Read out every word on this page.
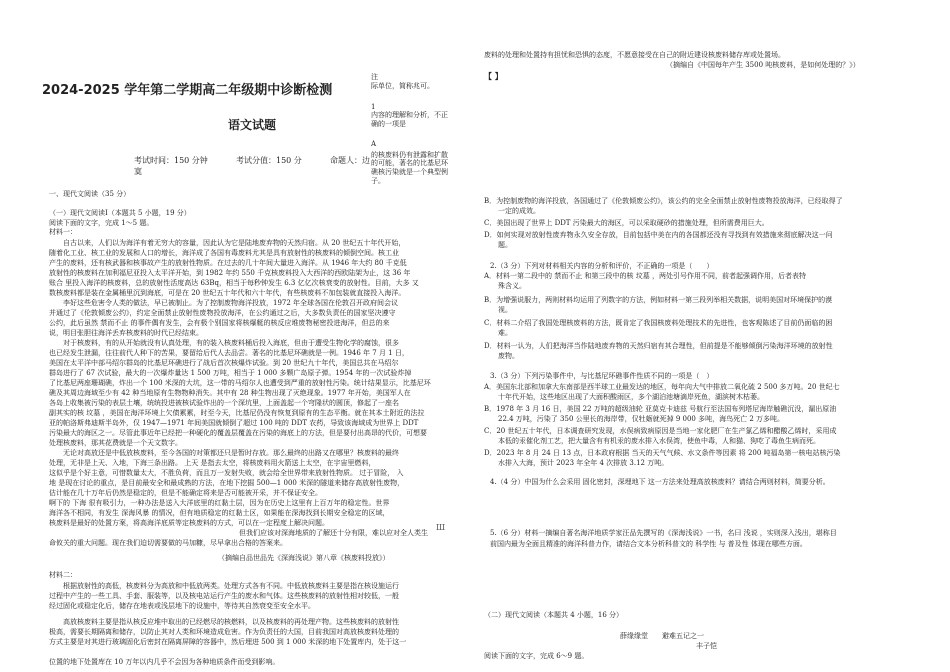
2024-2025 学年第二学期高二年级期中诊断检测
语文试题
考试时间：150 分钟	考试分值：150 分	命题人：边
寞
注
际单位，简称兆可。
1
内容的理解和分析，不正
确的一项是
A
的核废料仍有泄露和扩散
的可能，著名的比基尼环
礁核污染就是一个典型例
子。
一、现代文阅读（35 分）
（一）现代文阅读Ⅰ（本题共 5 小题，19 分）
阅读下面的文字，完成 1～5 题。
材料一：
自古以来，人们以为海洋有着无穷大的容量，因此认为它是陆地废弃物的天然归宿。从 20 世纪五十年代开始，
随着化工业、核工业的发展和人口的增长，海洋成了各国有毒废料尤其是具有放射性的核废料的倾倒空间。核工业
产生的废料，还有核武器和核事故产生的放射性物质。在过去的几十年间大量进入海洋。从 1946 年大约 80 千克低
放射性的核废料在加利福尼亚投入太平洋开始，到 1982 年约 550 千克核废料投入大西洋的西欧陆架为止，这 36 年
账合 里投入海洋的核废料，总的放射性活度高达 63Bq，相当于每秒钟发生 6.3 亿亿次核衰变的放射性。目前，大多 又
数核废料都是装在金属桶里沉到海底，可是在 20 世纪五十年代和六十年代，有些核废料不加包装就直接投入海洋。
李好这些危害令人类的做法，早已被制止。为了控制废物海洋投放，1972 年全球各国在伦敦召开政府间会议
并通过了《伦敦倾废公约》，约定全面禁止放射性废物投放海洋，在公约通过之后，大多数负责任的国家坚决遵守
公约，此后虽然 禁而不止 的事件偶有发生，会有极个别国家将核爆艇的核反应堆废物秘密投进海洋，但总的来
说，明目张胆往海洋丢弃核废料的时代已经结束。
对于核废料，有的从开始就没有认真处理，有的装入核废料桶后投入海底，但由于遭受生物化学的腐蚀，很多
也已经发生泄漏，往往前代人种下的苦果，要留给后代人去品尝。著名的比基尼环礁就是一例。1946 年 7 月 1 日，
美国在太平洋中部马绍尔群岛的比基尼环礁进行了战后首次核爆炸试验。到 20 世纪九十年代，美国总共在马绍尔
群岛进行了 67 次试验，最大的一次爆炸量达 1 500 万吨，相当于 1 000 多颗广岛原子弹。1954 年的一次试验炸掉
了比基尼两座珊瑚礁，炸出一个 100 米深的大坑，这一带的马绍尔人也遭受到严重的放射性污染。统计结果显示，比基尼环
礁及其周边海域至少有 42 种当地原有生物物种消失。其中有 28 种生物出现了灭绝现象。1977 年开始，美国军人在
各岛上收集被污染的表层土壤，统统投进被核试验炸出的一个深坑里，上面盖起一个穹隆状的圆顶，修起了一座名
副其实的核 坟墓 ，美国在海洋环境上欠债累累，时至今天，比基尼仍没有恢复到原有的生态平衡。就在其本土附近的法拉
亚的帕洛斯弗迪斯半岛外，仅 1947—1971 年间美国就倾倒了超过 100 吨的 DDT 农药，导致该海域成为世界上 DDT
污染最大的海区之一。尽管此事近年已经把一种硬化的覆盖层覆盖在污染的海底上的方法，但是要付出高昂的代价，可想要
处理核废料，那其花费就是一个天文数字。
无论对高放还是中低放核废料，至今各国的对策都还只是暂时存放。那么最终的出路又在哪里？核废料的最终
处理，无非是上天、入地，下海三条出路。 上天 是指去太空，将核废料用火箭送上太空，在宇宙里燃料，
这似乎是个好主意，可惜数量太大，不胜负荷，而且万一发射失败，就会给全世界带来放射性物质。 过于冒险， 入
地 是现在讨论的重点，是目前最安全和最成熟的方法，在地下挖掘 500—1 000 米深的隧道来储存高放射性废物，
估计能在几十万年后仍然是稳定的，但是不能确定将来是否可能被开采，并不保证安全。
啊下的 下海 很有吸引力，一种办法是送入大洋底里的红黏土层，因为在历史上这里有上百万年的稳定性。世界
海洋各不相同，有发生 深海风暴 的情况，但有地质稳定的红黏土区，如果能在深海找到长期安全稳定的区域，
核废料是最好的处置方案，将高海洋底质等定核废料的方式，可以在一定程度上解决问题。
但我们应该对深海地质的了解还十分有限，难以应对全人类生
命攸关的重大问题。现在我们迫切需要做的马加糠，尽早拿出合格的答案来。
（摘编自品世品先《深海浅说》第八章《核废料投放》）
材料二：
根据放射性的高低，核废料分为高放和中低放两类。处理方式各有不同。中低放核废料主要是指在核设施运行
过程中产生的一些工具、手套、服装等，以及核电站运行产生的废水和气体。这些核废料的放射性相对较低，一般
经过固化或稳定化后，储存在地表或浅层地下的设施中，等待其自然衰变至安全水平。
高放核废料主要是指从核反应堆中取出的已经燃尽的核燃料，以及核废料的再处理产物。这些核废料的放射性
极高，需要长期隔离和储存，以防止其对人类和环境造成危害。作为负责任的大国，目前我国对高放核废料处理的
方式主要是对其进行玻璃固化后密封在隔离屏障的容器中，然后埋进 500 到 1 000 米深的地下处置库内，处于这一
位置的地下处置库在 10 万年以内几乎不会因为各种地质条件而受到影响。
Ш
废料的处理和处置持有担忧和恐惧的态度，不愿意接受在自己的附近建设核废料储存库或处置场。
（摘编自《中国每年产生 3500 吨核废料，是如何处理的？》）
【 】
B．为控制废物的海洋投放，各国通过了《伦敦倾废公约》，该公约的完全全面禁止放射性废物投放海洋，已经取得了
一定的成效。
C．美国出现了世界上 DDT 污染最大的海区，可以采取硬砂的措施处理，但所需费用巨大。
D．如何实现对放射性废弃物永久安全存放，目前包括中美在内的各国都还没有寻找到有效措施来彻底解决这一问
题。
2.（3 分）下列对材料相关内容的分析和评价，不正确的一项是（　　）
A．材料一第二段中的 禁而不止 和第三段中的核 坟墓 ，两处引号作用不同，前者起强调作用，后者表特
殊含义。
B．为增强说服力，两则材料均运用了列数字的方法，例如材料一第三段列举相关数据，说明美国对环境保护的漠
视。
C．材料二介绍了我国处理核废料的方法，既肯定了我国核废料处理技术的先进性，也客观陈述了目前仍面临的困
难。
D．材料一认为，人们把海洋当作陆地废弃物的天然归宿有其合理性，但前提是不能够倾倒污染海洋环境的放射性
废物。
3.（3 分）下列污染事件中，与比基尼环礁事件性质不同的一项是（　）
A．美国东北部和加拿大东南部是西半球工业最发达的地区，每年向大气中排放二氧化硫 2 500 多万吨。20 世纪七
十年代开始，这些地区出现了大面积酸雨区，多个湖泊池塘滴岸死鱼，湖滨树木枯萎。
B．1978 年 3 月 16 日，美国 22 万吨的超级油轮 亚莫克卡迪兹 号航行至法国布列塔尼海岸触礁沉没，漏出原油
22.4 万吨，污染了 350 公里长的海岸带，仅牡蛎就死掉 9 000 多吨，海鸟死亡 2 万多吨。
C．20 世纪五十年代，日本调查研究发现，水俣病致病原因是当地一家化肥厂在生产氯乙烯和醋酸乙烯时，采用成
本低的汞催化剂工艺，把大量含有有机汞的废水排入水俣湾，使鱼中毒，人和猫、狗吃了毒鱼生病而死。
D．2023 年 8 月 24 日 13 点，日本政府根据 当天的天气气候、水文条件等因素 将 200 吨福岛第一核电站核污染
水排入大海，预计 2023 年全年 4 次排放 3.12 万吨。
4.（4 分）中国为什么会采用 固化密封，深埋地下 这一方法来处理高放核废料？请结合两则材料，简要分析。
5.（6 分）材料一摘编自著名海洋地质学家汪品先撰写的《深海浅说》一书，名曰 浅说 ，实则深入浅出，堪称目
前国内最为全面且精准的海洋科普力作，请结合文本分析科普文的 科学性 与 普及性 体现在哪些方面。
（二）现代文阅读（本题共 4 小题，16 分）
薛缘缘堂　　避难五记之一
丰子恺
阅读下面的文字，完成 6～9 题。
